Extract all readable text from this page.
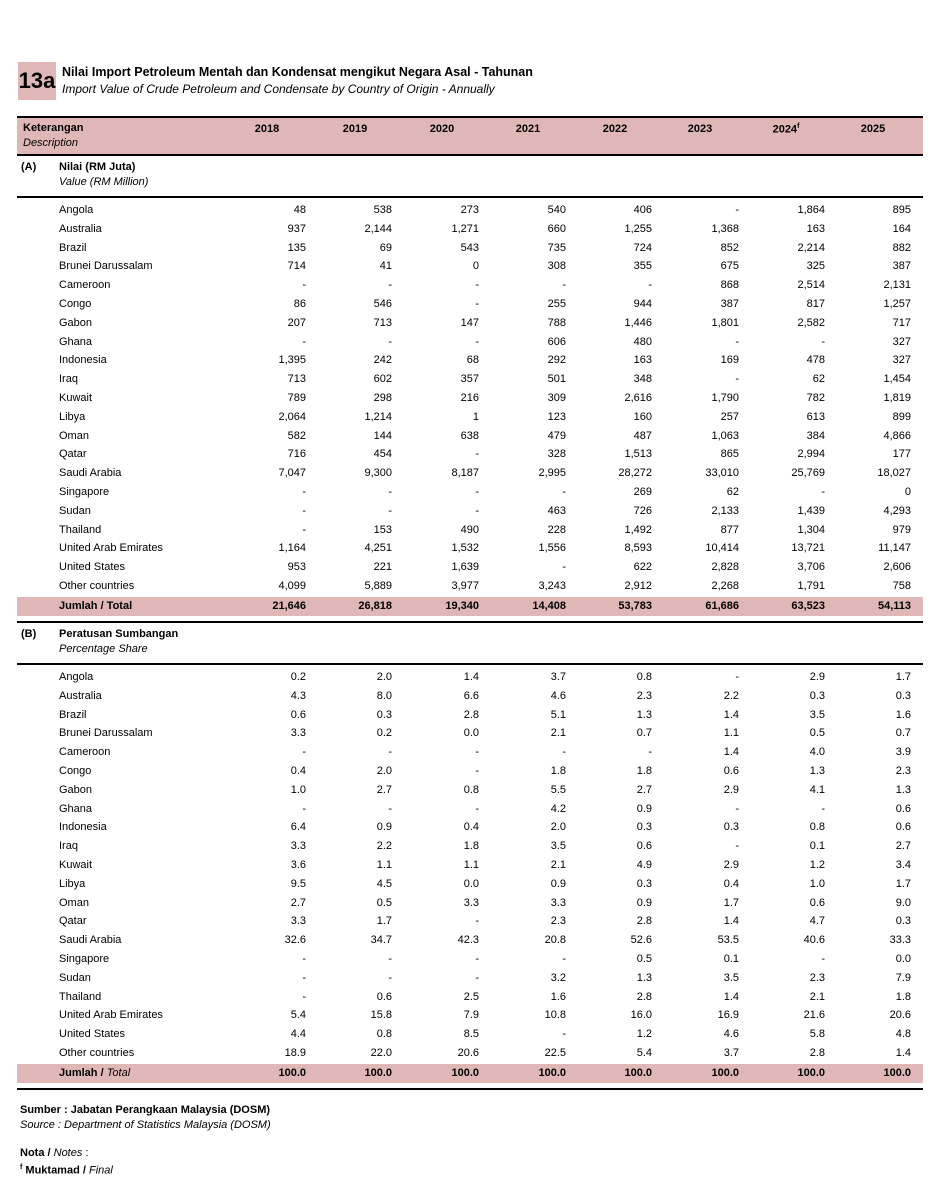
13a Nilai Import Petroleum Mentah dan Kondensat mengikut Negara Asal - Tahunan
Import Value of Crude Petroleum and Condensate by Country of Origin - Annually
Keterangan
Description
2018	2019	2020	2021	2022	2023	2024$^f$	2025
(A) Nilai (RM Juta)
Value (RM Million)
Angola	48	538	273	540	406	-	1,864	895
Australia	937	2,144	1,271	660	1,255	1,368	163	164
Brazil	135	69	543	735	724	852	2,214	882
Brunei Darussalam	714	41	0	308	355	675	325	387
Cameroon	-	-	-	-	-	868	2,514	2,131
Congo	86	546	-	255	944	387	817	1,257
Gabon	207	713	147	788	1,446	1,801	2,582	717
Ghana	-	-	-	606	480	-	-	327
Indonesia	1,395	242	68	292	163	169	478	327
Iraq	713	602	357	501	348	-	62	1,454
Kuwait	789	298	216	309	2,616	1,790	782	1,819
Libya	2,064	1,214	1	123	160	257	613	899
Oman	582	144	638	479	487	1,063	384	4,866
Qatar	716	454	-	328	1,513	865	2,994	177
Saudi Arabia	7,047	9,300	8,187	2,995	28,272	33,010	25,769	18,027
Singapore	-	-	-	-	269	62	-	0
Sudan	-	-	-	463	726	2,133	1,439	4,293
Thailand	-	153	490	228	1,492	877	1,304	979
United Arab Emirates	1,164	4,251	1,532	1,556	8,593	10,414	13,721	11,147
United States	953	221	1,639	-	622	2,828	3,706	2,606
Other countries	4,099	5,889	3,977	3,243	2,912	2,268	1,791	758
Jumlah / Total	21,646	26,818	19,340	14,408	53,783	61,686	63,523	54,113
(B) Peratusan Sumbangan
Percentage Share
Angola	0.2	2.0	1.4	3.7	0.8	-	2.9	1.7
Australia	4.3	8.0	6.6	4.6	2.3	2.2	0.3	0.3
Brazil	0.6	0.3	2.8	5.1	1.3	1.4	3.5	1.6
Brunei Darussalam	3.3	0.2	0.0	2.1	0.7	1.1	0.5	0.7
Cameroon	-	-	-	-	-	1.4	4.0	3.9
Congo	0.4	2.0	-	1.8	1.8	0.6	1.3	2.3
Gabon	1.0	2.7	0.8	5.5	2.7	2.9	4.1	1.3
Ghana	-	-	-	4.2	0.9	-	-	0.6
Indonesia	6.4	0.9	0.4	2.0	0.3	0.3	0.8	0.6
Iraq	3.3	2.2	1.8	3.5	0.6	-	0.1	2.7
Kuwait	3.6	1.1	1.1	2.1	4.9	2.9	1.2	3.4
Libya	9.5	4.5	0.0	0.9	0.3	0.4	1.0	1.7
Oman	2.7	0.5	3.3	3.3	0.9	1.7	0.6	9.0
Qatar	3.3	1.7	-	2.3	2.8	1.4	4.7	0.3
Saudi Arabia	32.6	34.7	42.3	20.8	52.6	53.5	40.6	33.3
Singapore	-	-	-	-	0.5	0.1	-	0.0
Sudan	-	-	-	3.2	1.3	3.5	2.3	7.9
Thailand	-	0.6	2.5	1.6	2.8	1.4	2.1	1.8
United Arab Emirates	5.4	15.8	7.9	10.8	16.0	16.9	21.6	20.6
United States	4.4	0.8	8.5	-	1.2	4.6	5.8	4.8
Other countries	18.9	22.0	20.6	22.5	5.4	3.7	2.8	1.4
Jumlah / Total	100.0	100.0	100.0	100.0	100.0	100.0	100.0	100.0
Sumber : Jabatan Perangkaan Malaysia (DOSM)
Source : Department of Statistics Malaysia (DOSM)
Nota / Notes :
$^f$ Muktamad / Final
